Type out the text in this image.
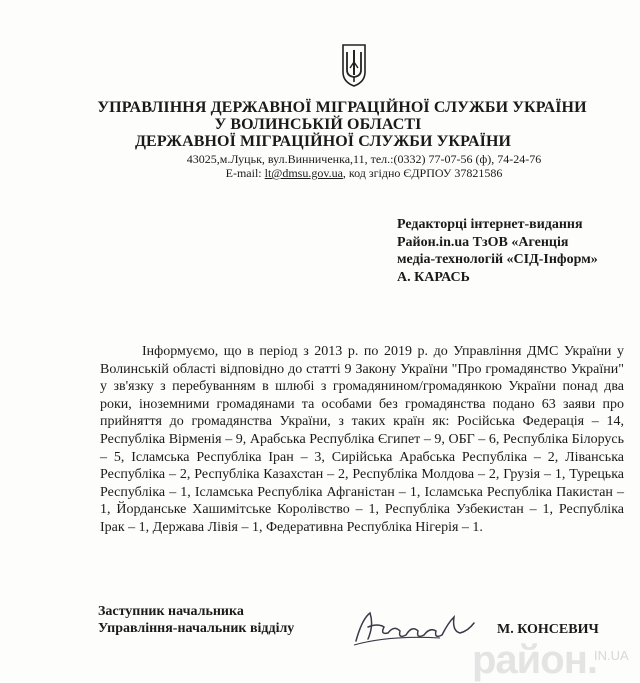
УПРАВЛІННЯ ДЕРЖАВНОЇ МІГРАЦІЙНОЇ СЛУЖБИ УКРАЇНИ
У ВОЛИНСЬКІЙ ОБЛАСТІ
ДЕРЖАВНОЇ МІГРАЦІЙНОЇ СЛУЖБИ УКРАЇНИ
43025,м.Луцьк, вул.Винниченка,11, тел.:(0332) 77-07-56 (ф), 74-24-76
E-mail: lt@dmsu.gov.ua, код згідно ЄДРПОУ 37821586
Редакторці інтернет-видання
Район.in.ua ТзОВ «Агенція
медіа-технологій «СІД-Інформ»
А. КАРАСЬ
Інформуємо, що в період з 2013 р. по 2019 р. до Управління ДМС України у Волинській області відповідно до статті 9 Закону України "Про громадянство України" у зв'язку з перебуванням в шлюбі з громадянином/громадянкою України понад два роки, іноземними громадянами та особами без громадянства подано 63 заяви про прийняття до громадянства України, з таких країн як: Російська Федерація – 14, Республіка Вірменія – 9, Арабська Республіка Єгипет – 9, ОБГ – 6, Республіка Білорусь – 5, Ісламська Республіка Іран – 3, Сирійська Арабська Республіка – 2, Ліванська Республіка – 2, Республіка Казахстан – 2, Республіка Молдова – 2, Грузія – 1, Турецька Республіка – 1, Ісламська Республіка Афганістан – 1, Ісламська Республіка Пакистан – 1, Йорданське Хашимітське Королівство – 1, Республіка Узбекистан – 1, Республіка Ірак – 1, Держава Лівія – 1, Федеративна Республіка Нігерія – 1.
Заступник начальника
Управління-начальник відділу	М. КОНСЕВИЧ
район.
IN.UA
